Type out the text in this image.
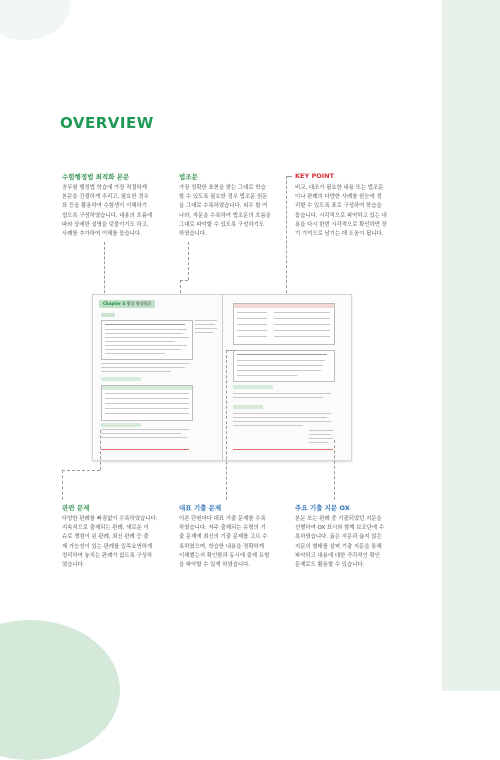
OVERVIEW
수험행정법 최적화 본문
공무원 행정법 학습에 가장 적절하게
본문을 간결하게 추리고, 필요한 경우
표 등을 활용하여 수험생이 이해하기
쉽도록 구성하였습니다. 내용의 흐름에
따라 상세한 설명을 덧붙이기도 하고,
사례를 추가하여 이해를 돕습니다.
법조문
가장 정확한 표현을 찾는 그대로 학습
할 수 있도록 필요한 경우 법조문 원문
을 그대로 수록하였습니다. 외우 할 여
나라, 자문을 수록하여 법조문의 흐름을
그대로 파악할 수 있도록 구성하기도
하였습니다.
KEY POINT
비교, 대조가 필요한 내용 또는 법조문
이나 판례의 다양한 사례를 한눈에 정
리할 수 있도록 표로 구성하여 학습을
돕습니다. 시각적으로 파악하고 있는 내
용을 다시 한번 시각적으로 확인하면 장
기 기억으로 남기는 데 도움이 됩니다.
Chapter 4 행정 행정행위
관련 문제
다양한 판례를 빠짐없이 수록하였습니다.
지속적으로 출제되는 판례, 새로운 이
슈로 쟁점이 된 판례, 최신 판례 등 출
제 가능성이 있는 판례를 일목요연하게
정리하여 놓치는 판례가 없도록 구성하
였습니다.
대표 기출 문제
이론 단원마다 대표 기출 문제를 수록
하였습니다. 자주 출제되는 유형의 기
출 문제에 최신의 기출 문제를 고르 수
록하였으며, 학습한 내용을 정확하게
이해했는지 확인함과 동시에 출제 유형
을 파악할 수 있게 하였습니다.
주요 기출 지문 OX
본문 또는 판례 중 기출되었던 지문을
선별하여 OX 표시와 함께 보조단에 수
록하였습니다. 옳은 지문과 옳지 않은
지문의 형태를 살펴 기출 지문을 통해
파악하고 내용에 대한 즉각적인 확인
문제로도 활용할 수 있습니다.
